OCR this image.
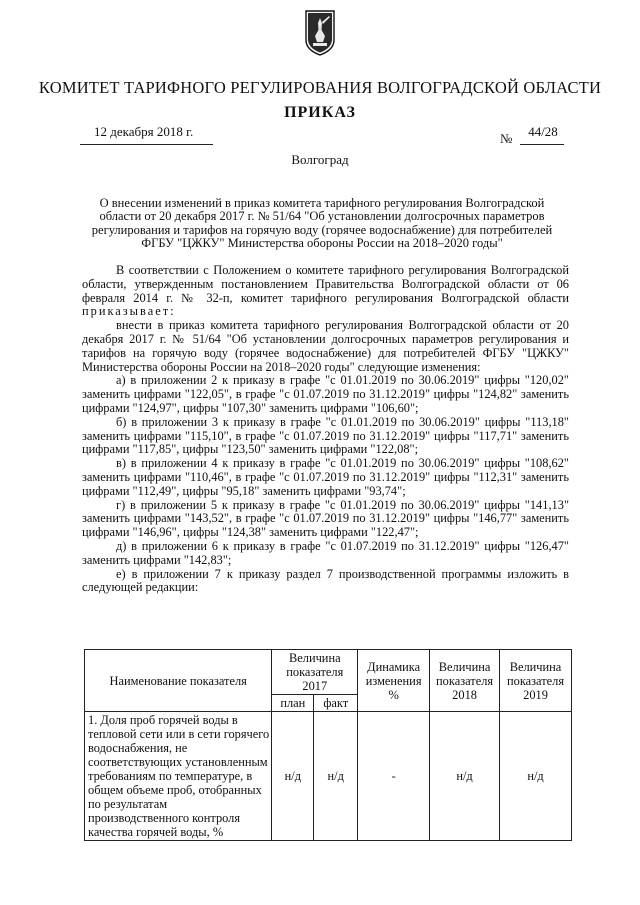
КОМИТЕТ ТАРИФНОГО РЕГУЛИРОВАНИЯ ВОЛГОГРАДСКОЙ ОБЛАСТИ
ПРИКАЗ
12 декабря 2018 г.	№	44/28
Волгоград
О внесении изменений в приказ комитета тарифного регулирования Волгоградской области от 20 декабря 2017 г. № 51/64 "Об установлении долгосрочных параметров регулирования и тарифов на горячую воду (горячее водоснабжение) для потребителей ФГБУ "ЦЖКУ" Министерства обороны России на 2018–2020 годы"

В соответствии с Положением о комитете тарифного регулирования Волгоградской области, утвержденным постановлением Правительства Волгоградской области от 06 февраля 2014 г. № 32-п, комитет тарифного регулирования Волгоградской области приказывает:

внести в приказ комитета тарифного регулирования Волгоградской области от 20 декабря 2017 г. № 51/64 "Об установлении долгосрочных параметров регулирования и тарифов на горячую воду (горячее водоснабжение) для потребителей ФГБУ "ЦЖКУ" Министерства обороны России на 2018–2020 годы" следующие изменения:

а) в приложении 2 к приказу в графе "с 01.01.2019 по 30.06.2019" цифры "120,02" заменить цифрами "122,05", в графе "с 01.07.2019 по 31.12.2019" цифры "124,82" заменить цифрами "124,97", цифры "107,30" заменить цифрами "106,60";

б) в приложении 3 к приказу в графе "с 01.01.2019 по 30.06.2019" цифры "113,18" заменить цифрами "115,10", в графе "с 01.07.2019 по 31.12.2019" цифры "117,71" заменить цифрами "117,85", цифры "123,50" заменить цифрами "122,08";

в) в приложении 4 к приказу в графе "с 01.01.2019 по 30.06.2019" цифры "108,62" заменить цифрами "110,46", в графе "с 01.07.2019 по 31.12.2019" цифры "112,31" заменить цифрами "112,49", цифры "95,18" заменить цифрами "93,74";

г) в приложении 5 к приказу в графе "с 01.01.2019 по 30.06.2019" цифры "141,13" заменить цифрами "143,52", в графе "с 01.07.2019 по 31.12.2019" цифры "146,77" заменить цифрами "146,96", цифры "124,38" заменить цифрами "122,47";

д) в приложении 6 к приказу в графе "с 01.07.2019 по 31.12.2019" цифры "126,47" заменить цифрами "142,83";

е) в приложении 7 к приказу раздел 7 производственной программы изложить в следующей редакции:

Наименование показателя	Величина показателя 2017		Динамика изменения %	Величина показателя 2018	Величина показателя 2019
	план	факт			
1. Доля проб горячей воды в тепловой сети или в сети горячего водоснабжения, не соответствующих установленным требованиям по температуре, в общем объеме проб, отобранных по результатам производственного контроля качества горячей воды, %	н/д	н/д	-	н/д	н/д
